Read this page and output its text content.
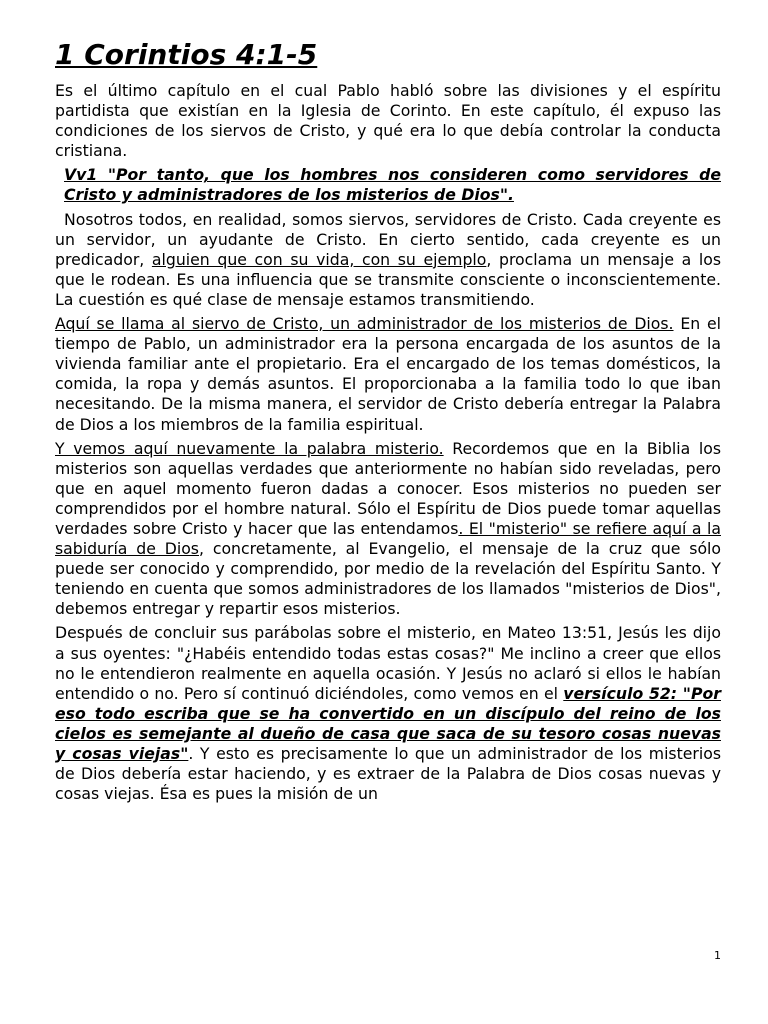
1 Corintios 4:1-5

Es el último capítulo en el cual Pablo habló sobre las divisiones y el espíritu partidista que existían en la Iglesia de Corinto. En este capítulo, él expuso las condiciones de los siervos de Cristo, y qué era lo que debía controlar la conducta cristiana.

Vv1 "Por tanto, que los hombres nos consideren como servidores de Cristo y administradores de los misterios de Dios".

Nosotros todos, en realidad, somos siervos, servidores de Cristo. Cada creyente es un servidor, un ayudante de Cristo. En cierto sentido, cada creyente es un predicador, alguien que con su vida, con su ejemplo, proclama un mensaje a los que le rodean. Es una influencia que se transmite consciente o inconscientemente. La cuestión es qué clase de mensaje estamos transmitiendo.

Aquí se llama al siervo de Cristo, un administrador de los misterios de Dios. En el tiempo de Pablo, un administrador era la persona encargada de los asuntos de la vivienda familiar ante el propietario. Era el encargado de los temas domésticos, la comida, la ropa y demás asuntos. El proporcionaba a la familia todo lo que iban necesitando. De la misma manera, el servidor de Cristo debería entregar la Palabra de Dios a los miembros de la familia espiritual.

Y vemos aquí nuevamente la palabra misterio. Recordemos que en la Biblia los misterios son aquellas verdades que anteriormente no habían sido reveladas, pero que en aquel momento fueron dadas a conocer. Esos misterios no pueden ser comprendidos por el hombre natural. Sólo el Espíritu de Dios puede tomar aquellas verdades sobre Cristo y hacer que las entendamos. El "misterio" se refiere aquí a la sabiduría de Dios, concretamente, al Evangelio, el mensaje de la cruz que sólo puede ser conocido y comprendido, por medio de la revelación del Espíritu Santo. Y teniendo en cuenta que somos administradores de los llamados "misterios de Dios", debemos entregar y repartir esos misterios.

Después de concluir sus parábolas sobre el misterio, en Mateo 13:51, Jesús les dijo a sus oyentes: "¿Habéis entendido todas estas cosas?" Me inclino a creer que ellos no le entendieron realmente en aquella ocasión. Y Jesús no aclaró si ellos le habían entendido o no. Pero sí continuó diciéndoles, como vemos en el versículo 52: "Por eso todo escriba que se ha convertido en un discípulo del reino de los cielos es semejante al dueño de casa que saca de su tesoro cosas nuevas y cosas viejas". Y esto es precisamente lo que un administrador de los misterios de Dios debería estar haciendo, y es extraer de la Palabra de Dios cosas nuevas y cosas viejas. Ésa es pues la misión de un

1
